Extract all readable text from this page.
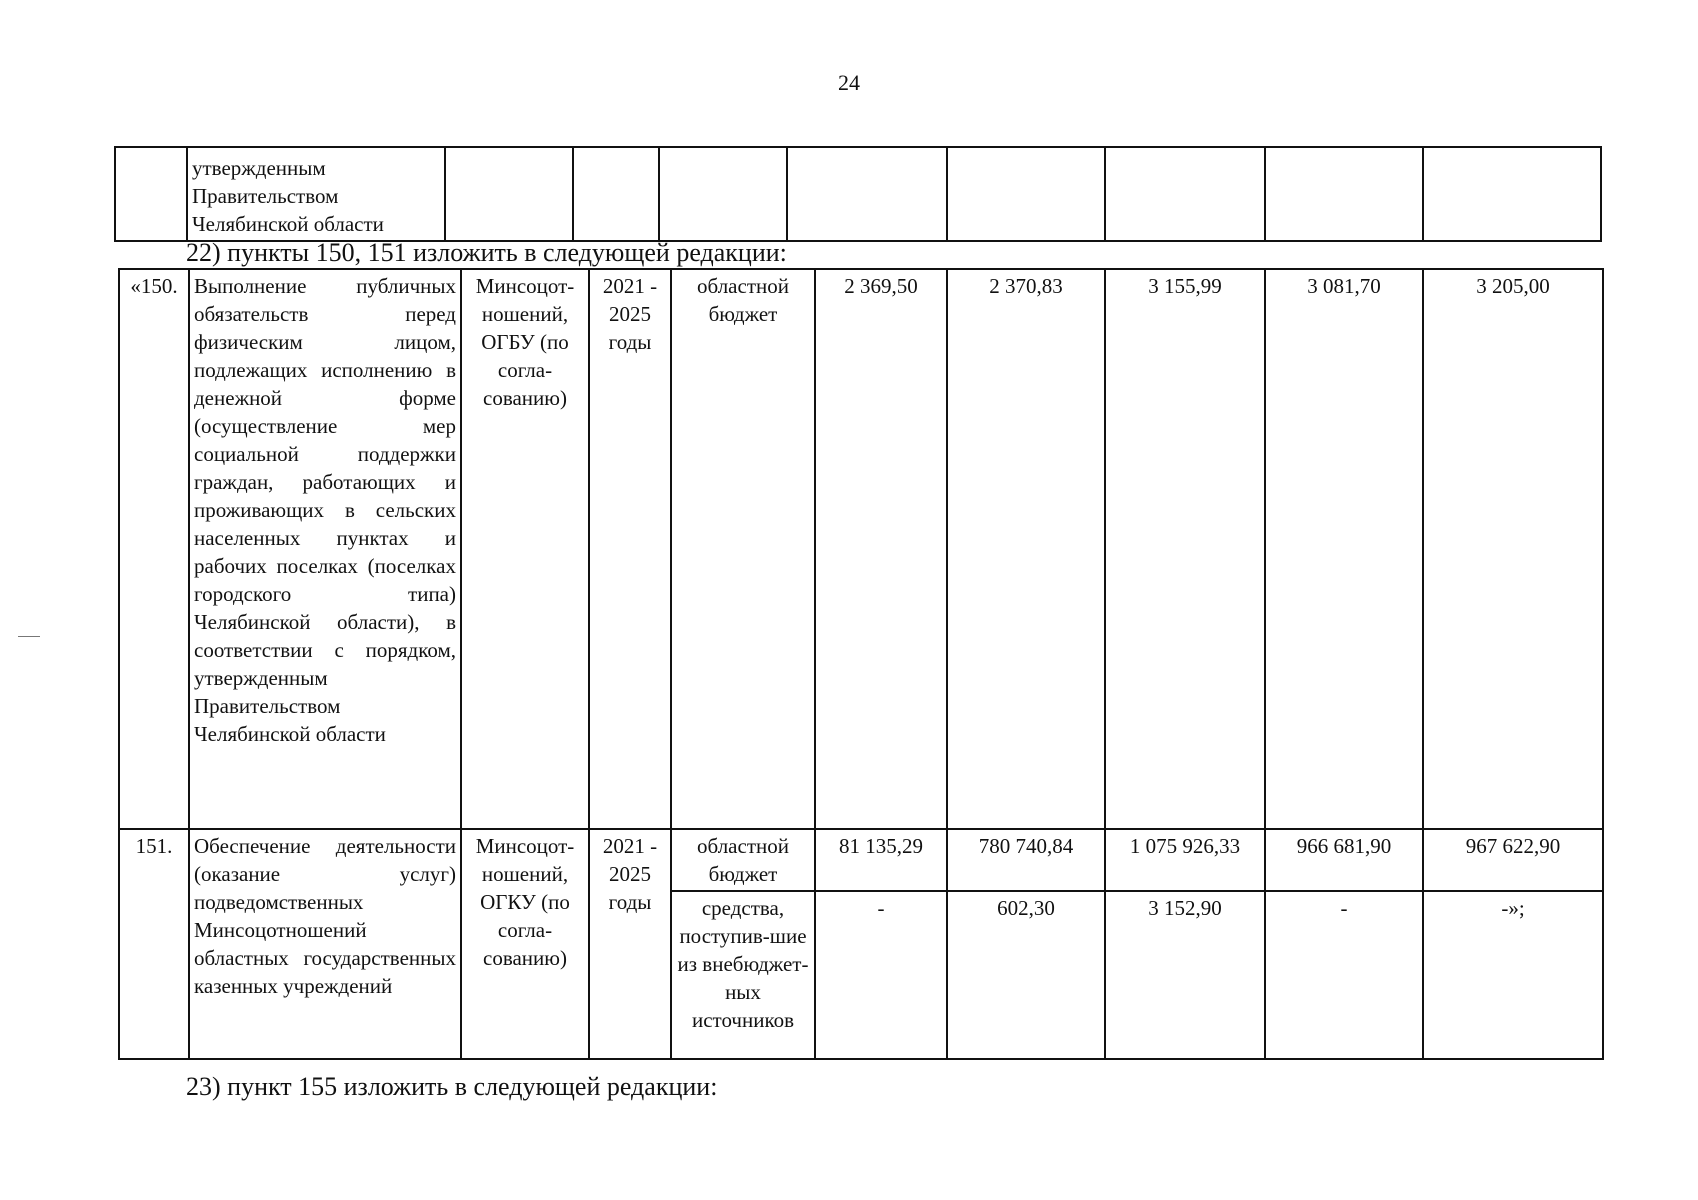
24

утвержденным
Правительством
Челябинской области

22) пункты 150, 151 изложить в следующей редакции:
«150.	Выполнение публичных обязательств перед физическим лицом, подлежащих исполнению в денежной форме (осуществление мер социальной поддержки граждан, работающих и проживающих в сельских населенных пунктах и рабочих поселках (поселках городского типа) Челябинской области), в соответствии с порядком, утвержденным Правительством Челябинской области	Минсоцот-ношений, ОГБУ (по согла-сованию)	2021 - 2025 годы	областной бюджет	2 369,50	2 370,83	3 155,99	3 081,70	3 205,00
151.	Обеспечение деятельности (оказание услуг) подведомственных Минсоцотношений областных государственных казенных учреждений	Минсоцот-ношений, ОГКУ (по согла-сованию)	2021 - 2025 годы	областной бюджет	81 135,29	780 740,84	1 075 926,33	966 681,90	967 622,90
				средства, поступив-шие из внебюджет-ных источников	-	602,30	3 152,90	-	-»;
23) пункт 155 изложить в следующей редакции:
